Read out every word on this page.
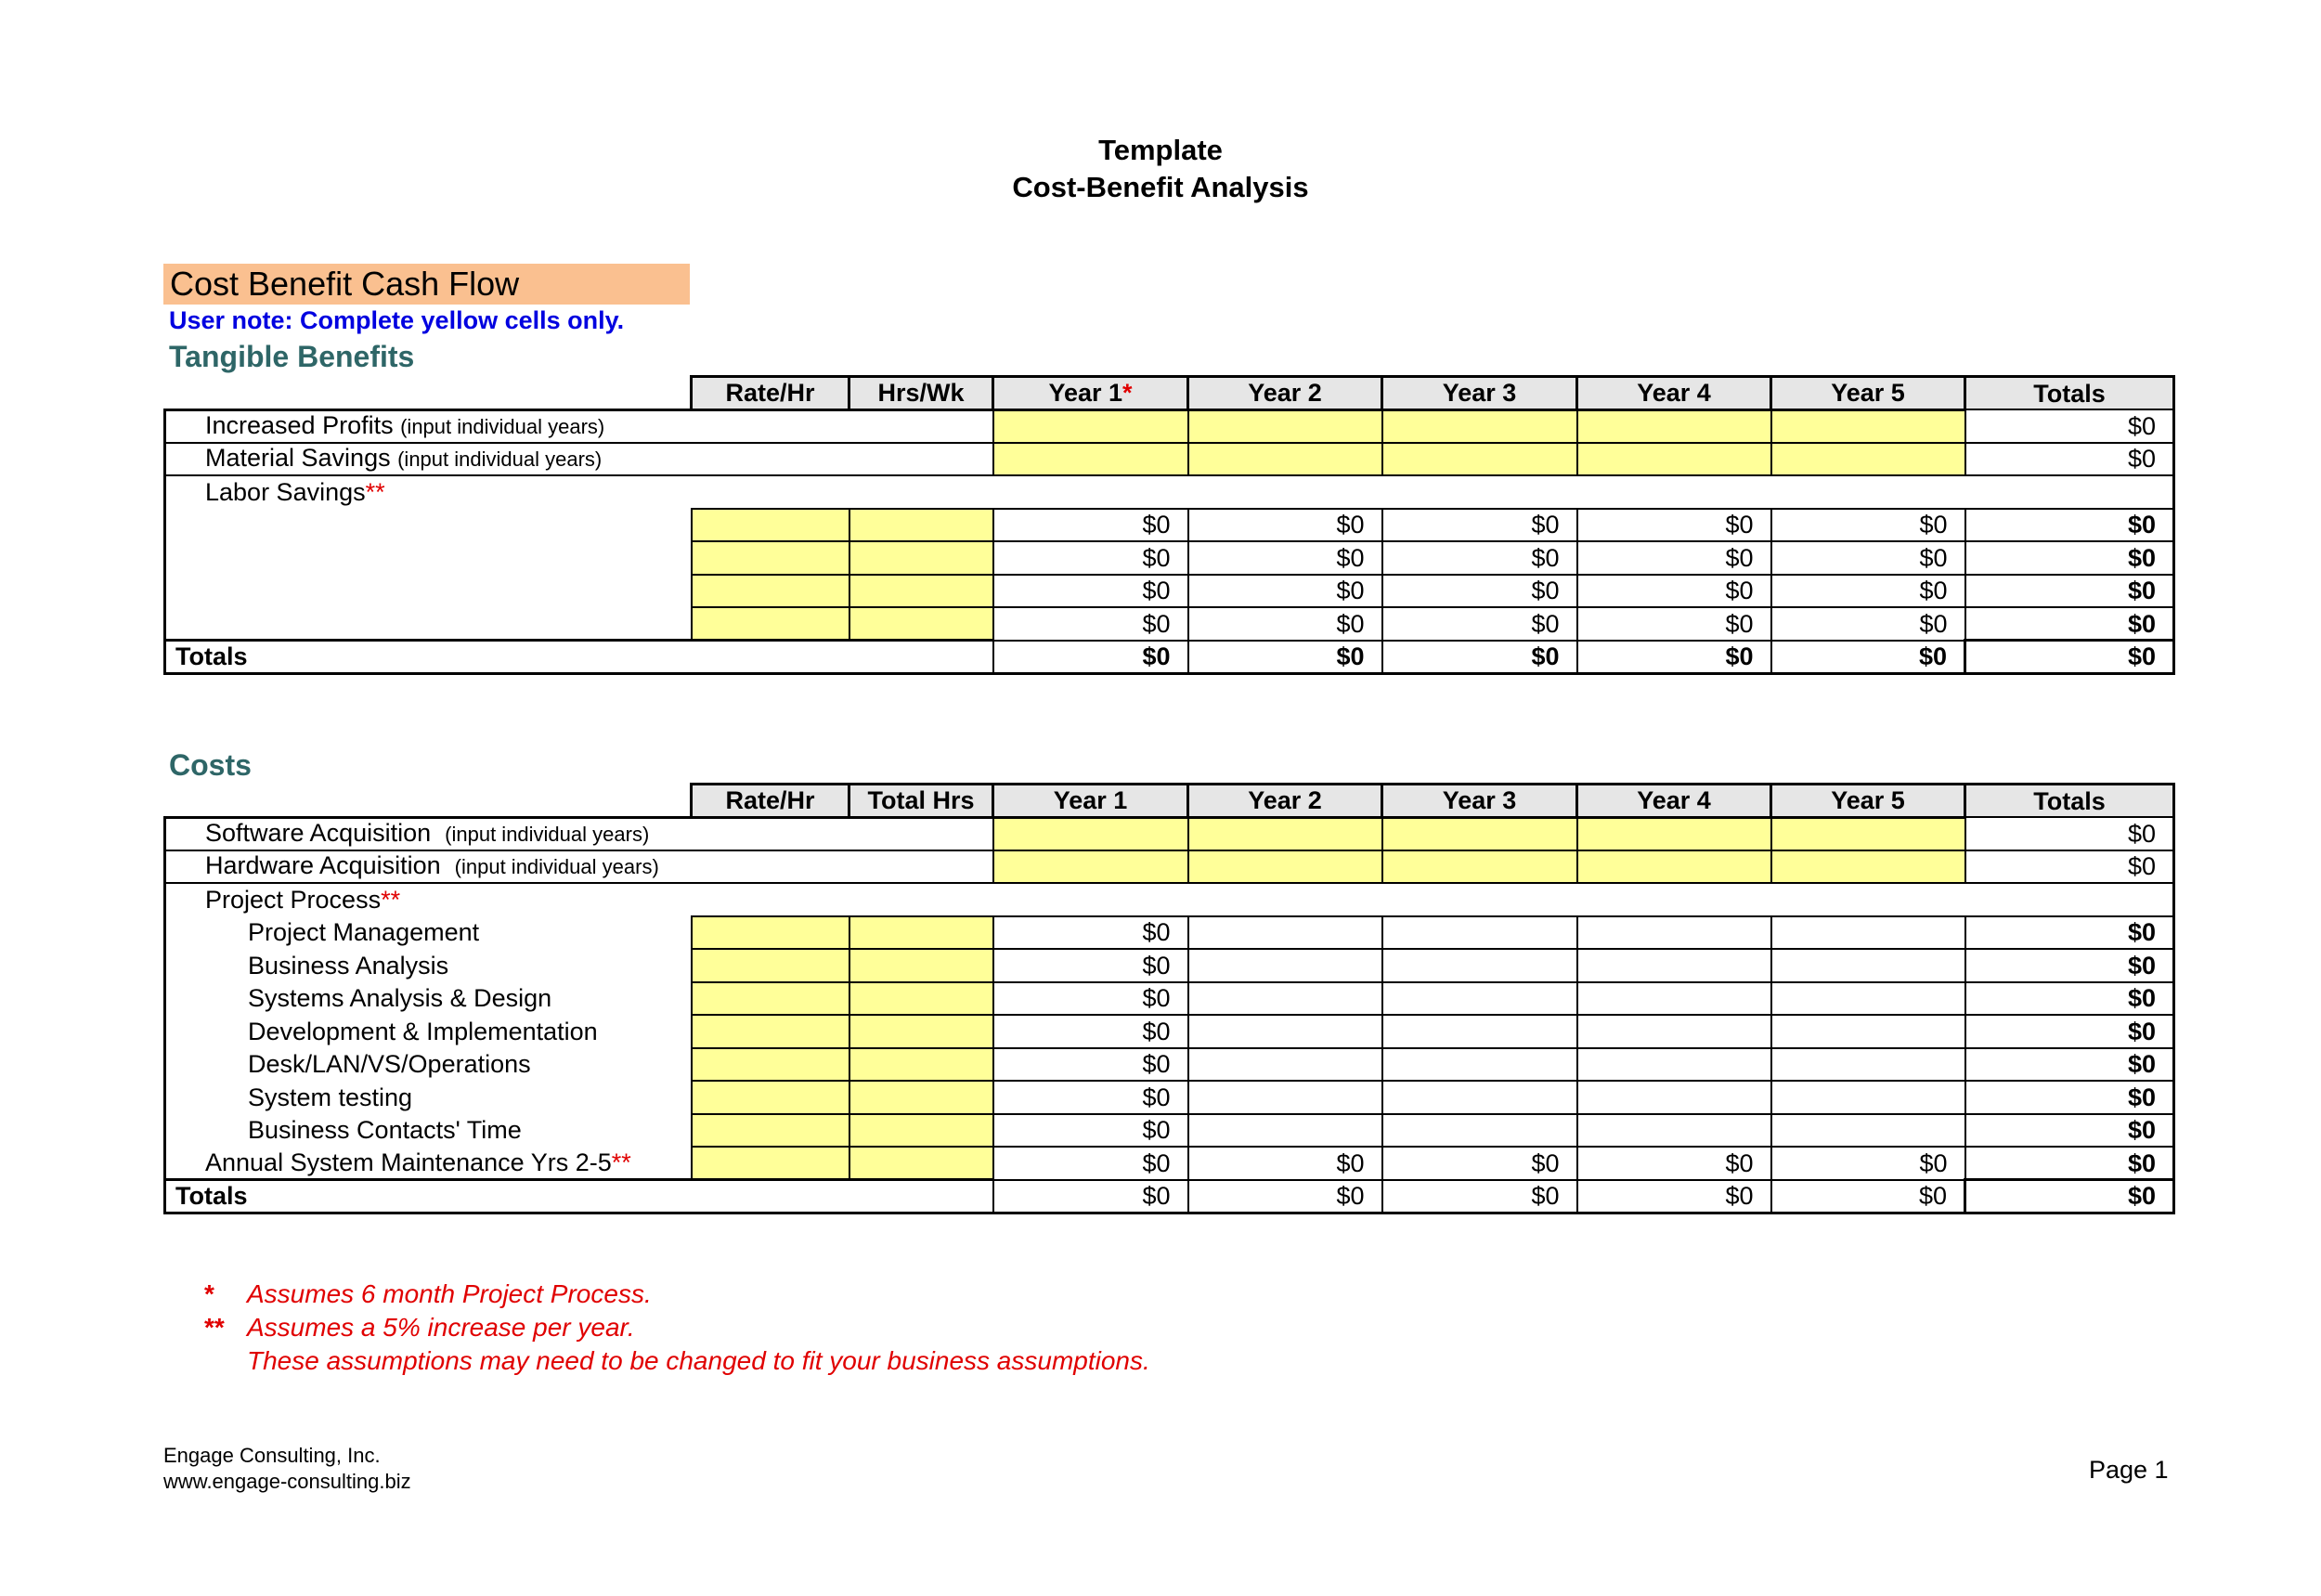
Template
Cost-Benefit Analysis
Cost Benefit Cash Flow
User note: Complete yellow cells only.
Tangible Benefits
	Rate/Hr	Hrs/Wk	Year 1*	Year 2	Year 3	Year 4	Year 5	Totals
Increased Profits (input individual years)								$0
Material Savings (input individual years)								$0
Labor Savings**								
			$0	$0	$0	$0	$0	$0
			$0	$0	$0	$0	$0	$0
			$0	$0	$0	$0	$0	$0
			$0	$0	$0	$0	$0	$0
Totals			$0	$0	$0	$0	$0	$0
Costs
	Rate/Hr	Total Hrs	Year 1	Year 2	Year 3	Year 4	Year 5	Totals
Software Acquisition (input individual years)								$0
Hardware Acquisition (input individual years)								$0
Project Process**								
Project Management			$0					$0
Business Analysis			$0					$0
Systems Analysis & Design			$0					$0
Development & Implementation			$0					$0
Desk/LAN/VS/Operations			$0					$0
System testing			$0					$0
Business Contacts' Time			$0					$0
Annual System Maintenance Yrs 2-5**			$0	$0	$0	$0	$0	$0
Totals			$0	$0	$0	$0	$0	$0
* Assumes 6 month Project Process.
** Assumes a 5% increase per year.
These assumptions may need to be changed to fit your business assumptions.
Engage Consulting, Inc.
www.engage-consulting.biz	Page 1
